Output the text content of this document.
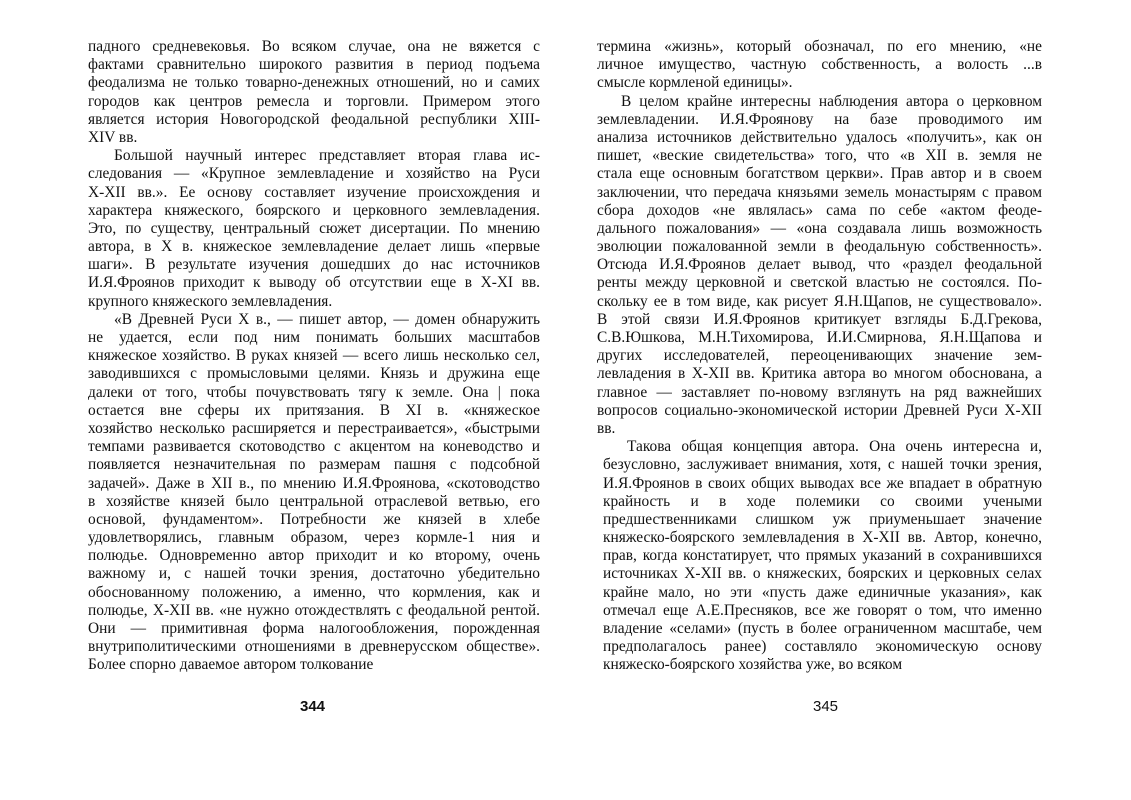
падного средневековья. Во всяком случае, она не вяжется с
фактами сравнительно широкого развития в период подъема
феодализма не только товарно-денежных отношений, но и самих
городов как центров ремесла и торговли. Примером этого
является история Новогородской феодальной республики XIII-
XIV вв.
Большой научный интерес представляет вторая глава ис-
следования — «Крупное землевладение и хозяйство на Руси
X-XII вв.». Ее основу составляет изучение происхождения и
характера княжеского, боярского и церковного землевладения.
Это, по существу, центральный сюжет дисертации. По мнению
автора, в X в. княжеское землевладение делает лишь «первые
шаги». В результате изучения дошедших до нас источников
И.Я.Фроянов приходит к выводу об отсутствии еще в X-XI вв.
крупного княжеского землевладения.
«В Древней Руси X в., — пишет автор, — домен обнаружить
не удается, если под ним понимать больших масштабов
княжеское хозяйство. В руках князей — всего лишь несколько сел,
заводившихся с промысловыми целями. Князь и дружина еще
далеки от того, чтобы почувствовать тягу к земле. Она | пока
остается вне сферы их притязания. В XI в. «княжеское
хозяйство несколько расширяется и перестраивается», «быстрыми
темпами развивается скотоводство с акцентом на коневодство и
появляется незначительная по размерам пашня с подсобной
задачей». Даже в XII в., по мнению И.Я.Фроянова, «скотоводство
в хозяйстве князей было центральной отраслевой ветвью, его
основой, фундаментом». Потребности же князей в хлебе
удовлетворялись, главным образом, через кормле-1 ния и
полюдье. Одновременно автор приходит и ко второму, очень
важному и, с нашей точки зрения, достаточно убедительно
обоснованному положению, а именно, что кормления, как и
полюдье, X-XII вв. «не нужно отождествлять с феодальной рентой.
Они — примитивная форма налогообложения, порожденная
внутриполитическими отношениями в древнерусском обществе».
Более спорно даваемое автором толкование
термина «жизнь», который обозначал, по его мнению, «не
личное имущество, частную собственность, а волость ...в
смысле кормленой единицы».
В целом крайне интересны наблюдения автора о церковном
землевладении. И.Я.Фроянову на базе проводимого им
анализа источников действительно удалось «получить», как он
пишет, «веские свидетельства» того, что «в XII в. земля не
стала еще основным богатством церкви». Прав автор и в своем
заключении, что передача князьями земель монастырям с правом
сбора доходов «не являлась» сама по себе «актом феоде-
дального пожалования» — «она создавала лишь возможность
эволюции пожалованной земли в феодальную собственность».
Отсюда И.Я.Фроянов делает вывод, что «раздел феодальной
ренты между церковной и светской властью не состоялся. По-
скольку ее в том виде, как рисует Я.Н.Щапов, не существовало».
В этой связи И.Я.Фроянов критикует взгляды Б.Д.Грекова,
С.В.Юшкова, М.Н.Тихомирова, И.И.Смирнова, Я.Н.Щапова и
других исследователей, переоценивающих значение зем-
левладения в X-XII вв. Критика автора во многом обоснована, а
главное — заставляет по-новому взглянуть на ряд важнейших
вопросов социально-экономической истории Древней Руси X-XII
вв.
Такова общая концепция автора. Она очень интересна и,
безусловно, заслуживает внимания, хотя, с нашей точки зрения,
И.Я.Фроянов в своих общих выводах все же впадает в обратную
крайность и в ходе полемики со своими учеными
предшественниками слишком уж приуменьшает значение
княжеско-боярского землевладения в X-XII вв. Автор, конечно,
прав, когда констатирует, что прямых указаний в сохранившихся
источниках X-XII вв. о княжеских, боярских и церковных селах
крайне мало, но эти «пусть даже единичные указания», как
отмечал еще А.Е.Пресняков, все же говорят о том, что именно
владение «селами» (пусть в более ограниченном масштабе, чем
предполагалось ранее) составляло экономическую основу
княжеско-боярского хозяйства уже, во всяком
344	345
